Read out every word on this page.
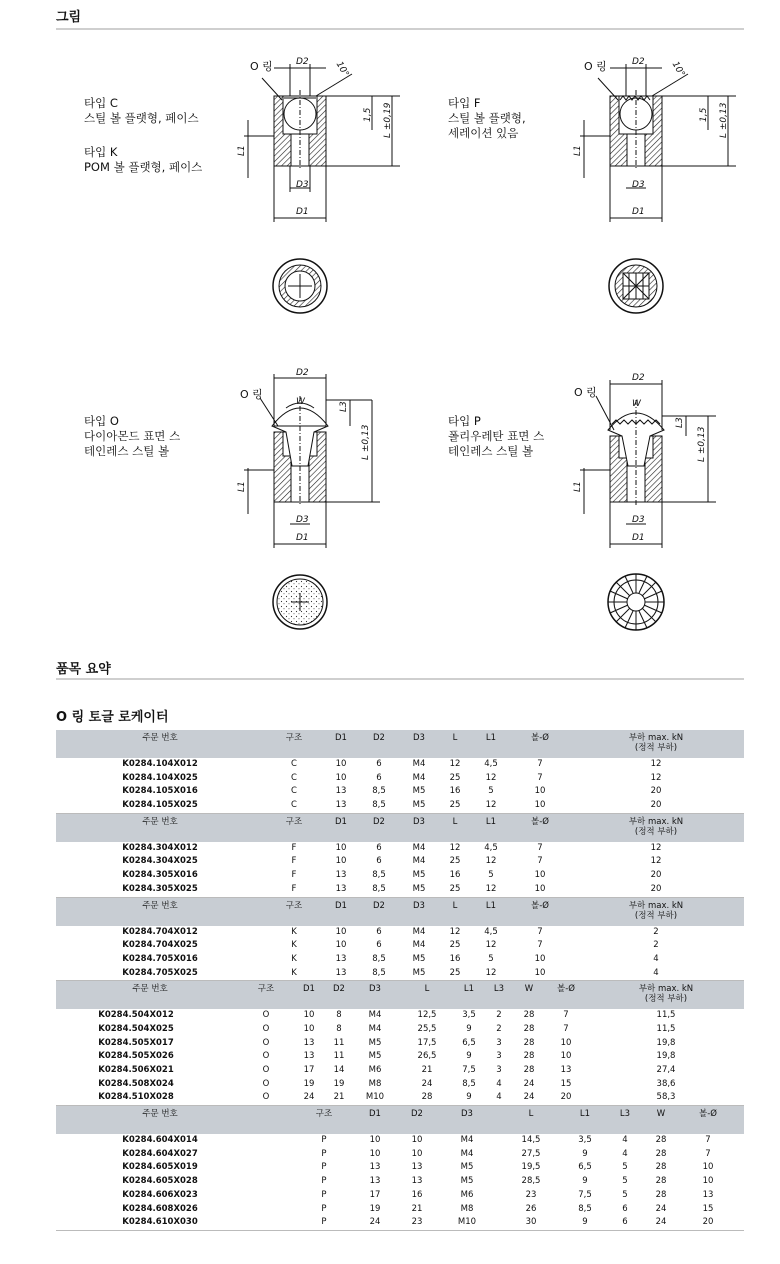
그림
타입 C
스틸 볼 플랫형, 페이스
타입 K
POM 볼 플랫형, 페이스
타입 F
스틸 볼 플랫형,
세레이션 있음
타입 O
다이아몬드 표면 스
테인레스 스틸 볼
타입 P
폴리우레탄 표면 스
테인레스 스틸 볼
O 링	D2
D3
D1
10°
1,5 L ±0,19
L1
O 링	D2
D3
D1
10°
1,5 L ±0,13
L1
O 링
D2
W
D3
D1
L3
L ±0,13
L1
O 링
D2
W
D3
D1
L3
L ±0,13
L1
품목 요약
O 링 토글 로케이터
주문 번호	구조	D1	D2	D3	L	L1	볼-Ø	부하 max. kN
(정적 부하)
K0284.104X012	C	10	6	M4	12	4,5	7	12
K0284.104X025	C	10	6	M4	25	12	7	12
K0284.105X016	C	13	8,5	M5	16	5	10	20
K0284.105X025	C	13	8,5	M5	25	12	10	20
주문 번호	구조	D1	D2	D3	L	L1	볼-Ø	부하 max. kN
(정적 부하)
K0284.304X012	F	10	6	M4	12	4,5	7	12
K0284.304X025	F	10	6	M4	25	12	7	12
K0284.305X016	F	13	8,5	M5	16	5	10	20
K0284.305X025	F	13	8,5	M5	25	12	10	20
주문 번호	구조	D1	D2	D3	L	L1	볼-Ø	부하 max. kN
(정적 부하)
K0284.704X012	K	10	6	M4	12	4,5	7	2
K0284.704X025	K	10	6	M4	25	12	7	2
K0284.705X016	K	13	8,5	M5	16	5	10	4
K0284.705X025	K	13	8,5	M5	25	12	10	4
주문 번호	구조	D1	D2	D3	L	L1	L3	W	볼-Ø	부하 max. kN
(정적 부하)
K0284.504X012	O	10	8	M4	12,5	3,5	2	28	7	11,5
K0284.504X025	O	10	8	M4	25,5	9	2	28	7	11,5
K0284.505X017	O	13	11	M5	17,5	6,5	3	28	10	19,8
K0284.505X026	O	13	11	M5	26,5	9	3	28	10	19,8
K0284.506X021	O	17	14	M6	21	7,5	3	28	13	27,4
K0284.508X024	O	19	19	M8	24	8,5	4	24	15	38,6
K0284.510X028	O	24	21	M10	28	9	4	24	20	58,3
주문 번호	구조	D1	D2	D3	L	L1	L3	W	볼-Ø
K0284.604X014	P	10	10	M4	14,5	3,5	4	28	7
K0284.604X027	P	10	10	M4	27,5	9	4	28	7
K0284.605X019	P	13	13	M5	19,5	6,5	5	28	10
K0284.605X028	P	13	13	M5	28,5	9	5	28	10
K0284.606X023	P	17	16	M6	23	7,5	5	28	13
K0284.608X026	P	19	21	M8	26	8,5	6	24	15
K0284.610X030	P	24	23	M10	30	9	6	24	20
